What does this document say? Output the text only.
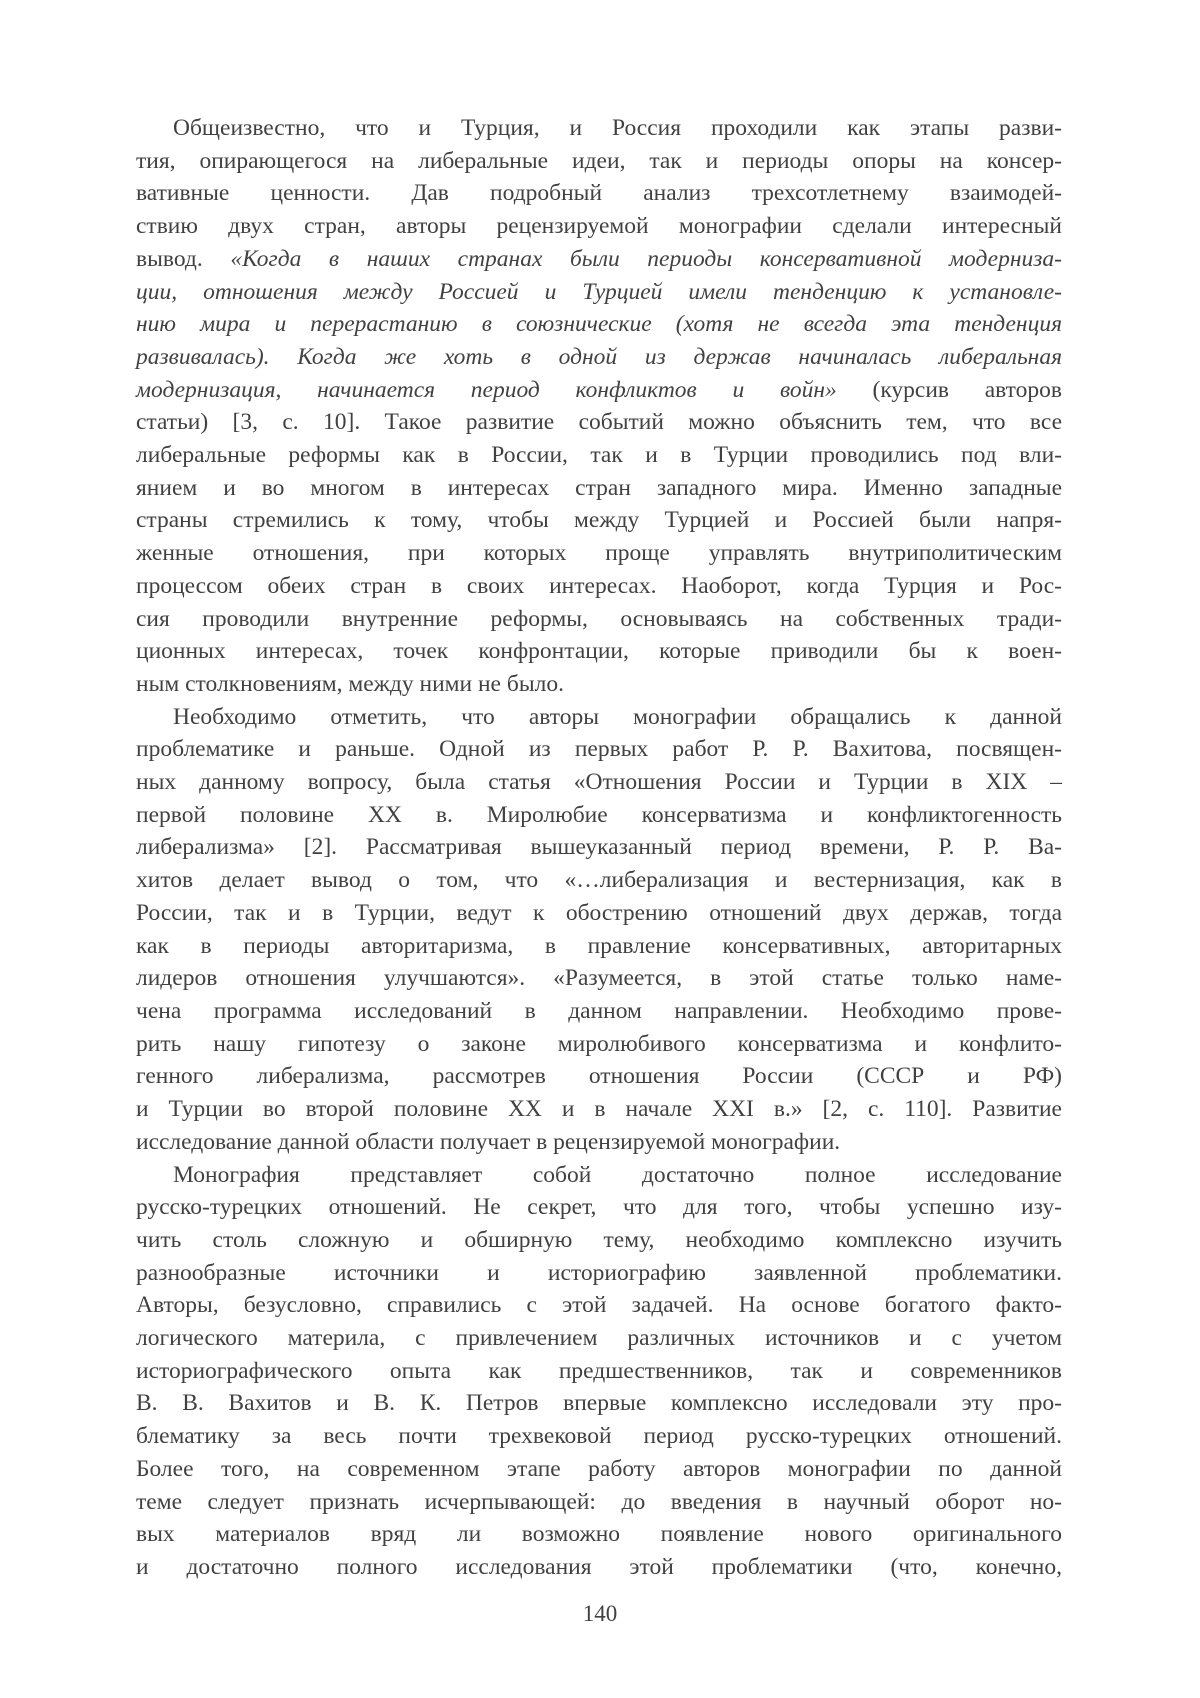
Общеизвестно, что и Турция, и Россия проходили как этапы разви-
тия, опирающегося на либеральные идеи, так и периоды опоры на консер-
вативные ценности. Дав подробный анализ трехсотлетнему взаимодей-
ствию двух стран, авторы рецензируемой монографии сделали интересный
вывод. «Когда в наших странах были периоды консервативной модерниза-
ции, отношения между Россией и Турцией имели тенденцию к установле-
нию мира и перерастанию в союзнические (хотя не всегда эта тенденция
развивалась). Когда же хоть в одной из держав начиналась либеральная
модернизация, начинается период конфликтов и войн» (курсив авторов
статьи) [3, с. 10]. Такое развитие событий можно объяснить тем, что все
либеральные реформы как в России, так и в Турции проводились под вли-
янием и во многом в интересах стран западного мира. Именно западные
страны стремились к тому, чтобы между Турцией и Россией были напря-
женные отношения, при которых проще управлять внутриполитическим
процессом обеих стран в своих интересах. Наоборот, когда Турция и Рос-
сия проводили внутренние реформы, основываясь на собственных тради-
ционных интересах, точек конфронтации, которые приводили бы к воен-
ным столкновениям, между ними не было.
Необходимо отметить, что авторы монографии обращались к данной
проблематике и раньше. Одной из первых работ Р. Р. Вахитова, посвящен-
ных данному вопросу, была статья «Отношения России и Турции в XIX –
первой половине XX в. Миролюбие консерватизма и конфликтогенность
либерализма» [2]. Рассматривая вышеуказанный период времени, Р. Р. Ва-
хитов делает вывод о том, что «…либерализация и вестернизация, как в
России, так и в Турции, ведут к обострению отношений двух держав, тогда
как в периоды авторитаризма, в правление консервативных, авторитарных
лидеров отношения улучшаются». «Разумеется, в этой статье только наме-
чена программа исследований в данном направлении. Необходимо прове-
рить нашу гипотезу о законе миролюбивого консерватизма и конфлито-
генного либерализма, рассмотрев отношения России (СССР и РФ)
и Турции во второй половине XX и в начале XXI в.» [2, с. 110]. Развитие
исследование данной области получает в рецензируемой монографии.
Монография представляет собой достаточно полное исследование
русско-турецких отношений. Не секрет, что для того, чтобы успешно изу-
чить столь сложную и обширную тему, необходимо комплексно изучить
разнообразные источники и историографию заявленной проблематики.
Авторы, безусловно, справились с этой задачей. На основе богатого факто-
логического материла, с привлечением различных источников и с учетом
историографического опыта как предшественников, так и современников
В. В. Вахитов и В. К. Петров впервые комплексно исследовали эту про-
блематику за весь почти трехвековой период русско-турецких отношений.
Более того, на современном этапе работу авторов монографии по данной
теме следует признать исчерпывающей: до введения в научный оборот но-
вых материалов вряд ли возможно появление нового оригинального
и достаточно полного исследования этой проблематики (что, конечно,
140
